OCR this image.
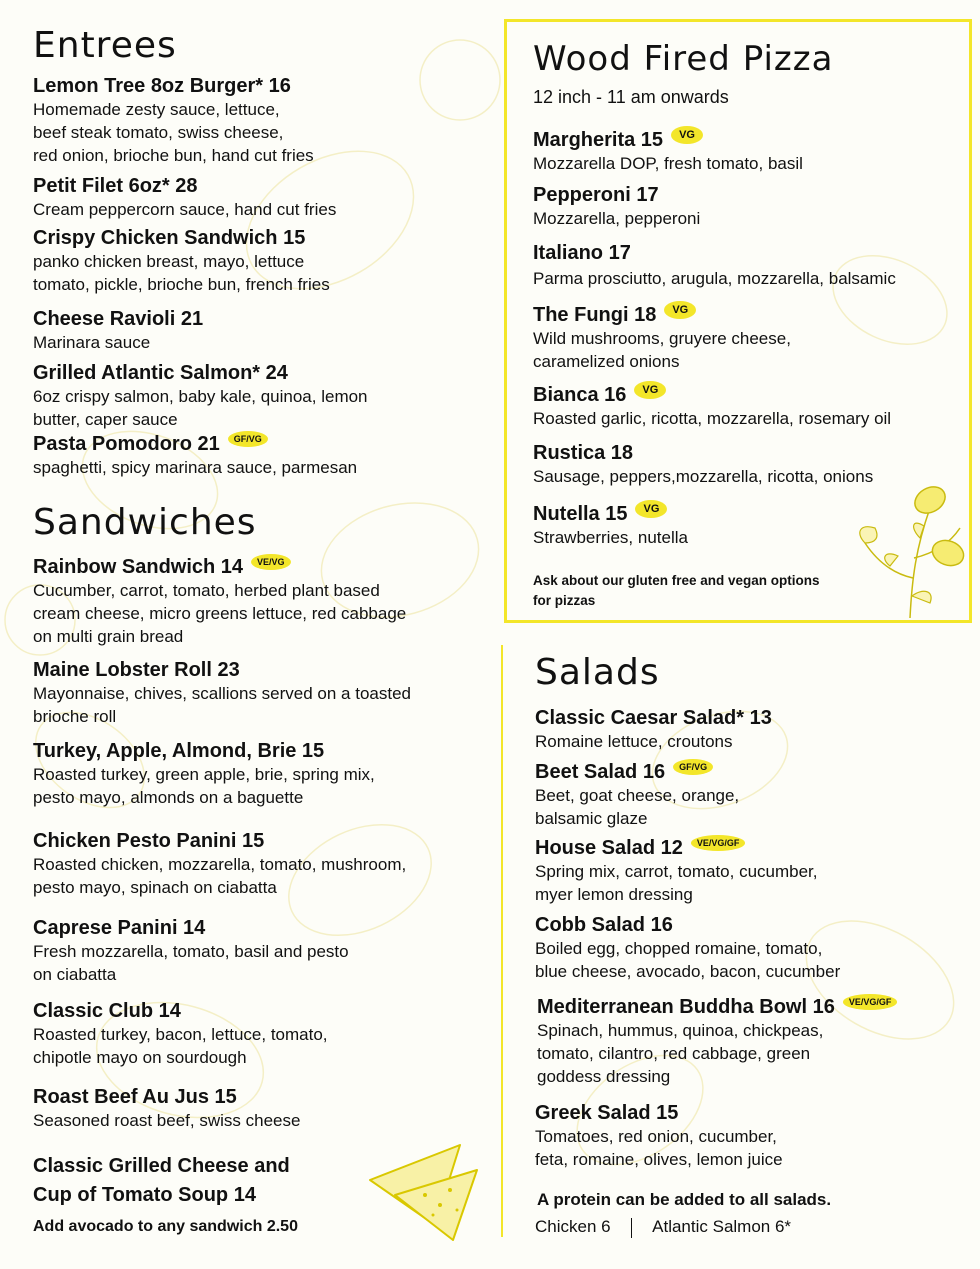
Entrees
Lemon Tree 8oz Burger* 16
Homemade zesty sauce, lettuce,
beef steak tomato, swiss cheese,
red onion, brioche bun, hand cut fries
Petit Filet 6oz* 28
Cream peppercorn sauce, hand cut fries
Crispy Chicken Sandwich 15
panko chicken breast, mayo, lettuce
tomato, pickle, brioche bun, french fries
Cheese Ravioli 21
Marinara sauce
Grilled Atlantic Salmon* 24
6oz crispy salmon, baby kale, quinoa, lemon
butter, caper sauce
Pasta Pomodoro 21 GF/VG
spaghetti, spicy marinara sauce, parmesan
Sandwiches
Rainbow Sandwich 14 VE/VG
Cucumber, carrot, tomato, herbed plant based
cream cheese, micro greens lettuce, red cabbage
on multi grain bread
Maine Lobster Roll 23
Mayonnaise, chives, scallions served on a toasted
brioche roll
Turkey, Apple, Almond, Brie 15
Roasted turkey, green apple, brie, spring mix,
pesto mayo, almonds on a baguette
Chicken Pesto Panini 15
Roasted chicken, mozzarella, tomato, mushroom,
pesto mayo, spinach on ciabatta
Caprese Panini 14
Fresh mozzarella, tomato, basil and pesto
on ciabatta
Classic Club 14
Roasted turkey, bacon, lettuce, tomato,
chipotle mayo on sourdough
Roast Beef Au Jus 15
Seasoned roast beef, swiss cheese
Classic Grilled Cheese and
Cup of Tomato Soup 14
Add avocado to any sandwich 2.50
Wood Fired Pizza
12 inch - 11 am onwards
Margherita 15 VG
Mozzarella DOP, fresh tomato, basil
Pepperoni 17
Mozzarella, pepperoni
Italiano 17
Parma prosciutto, arugula, mozzarella, balsamic
The Fungi 18 VG
Wild mushrooms, gruyere cheese,
caramelized onions
Bianca 16 VG
Roasted garlic, ricotta, mozzarella, rosemary oil
Rustica 18
Sausage, peppers,mozzarella, ricotta, onions
Nutella 15 VG
Strawberries, nutella
Ask about our gluten free and vegan options
for pizzas
Salads
Classic Caesar Salad* 13
Romaine lettuce, croutons
Beet Salad 16 GF/VG
Beet, goat cheese, orange,
balsamic glaze
House Salad 12 VE/VG/GF
Spring mix, carrot, tomato, cucumber,
myer lemon dressing
Cobb Salad 16
Boiled egg, chopped romaine, tomato,
blue cheese, avocado, bacon, cucumber
Mediterranean Buddha Bowl 16 VE/VG/GF
Spinach, hummus, quinoa, chickpeas,
tomato, cilantro, red cabbage, green
goddess dressing
Greek Salad 15
Tomatoes, red onion, cucumber,
feta, romaine, olives, lemon juice
A protein can be added to all salads.
Chicken 6 Atlantic Salmon 6*
